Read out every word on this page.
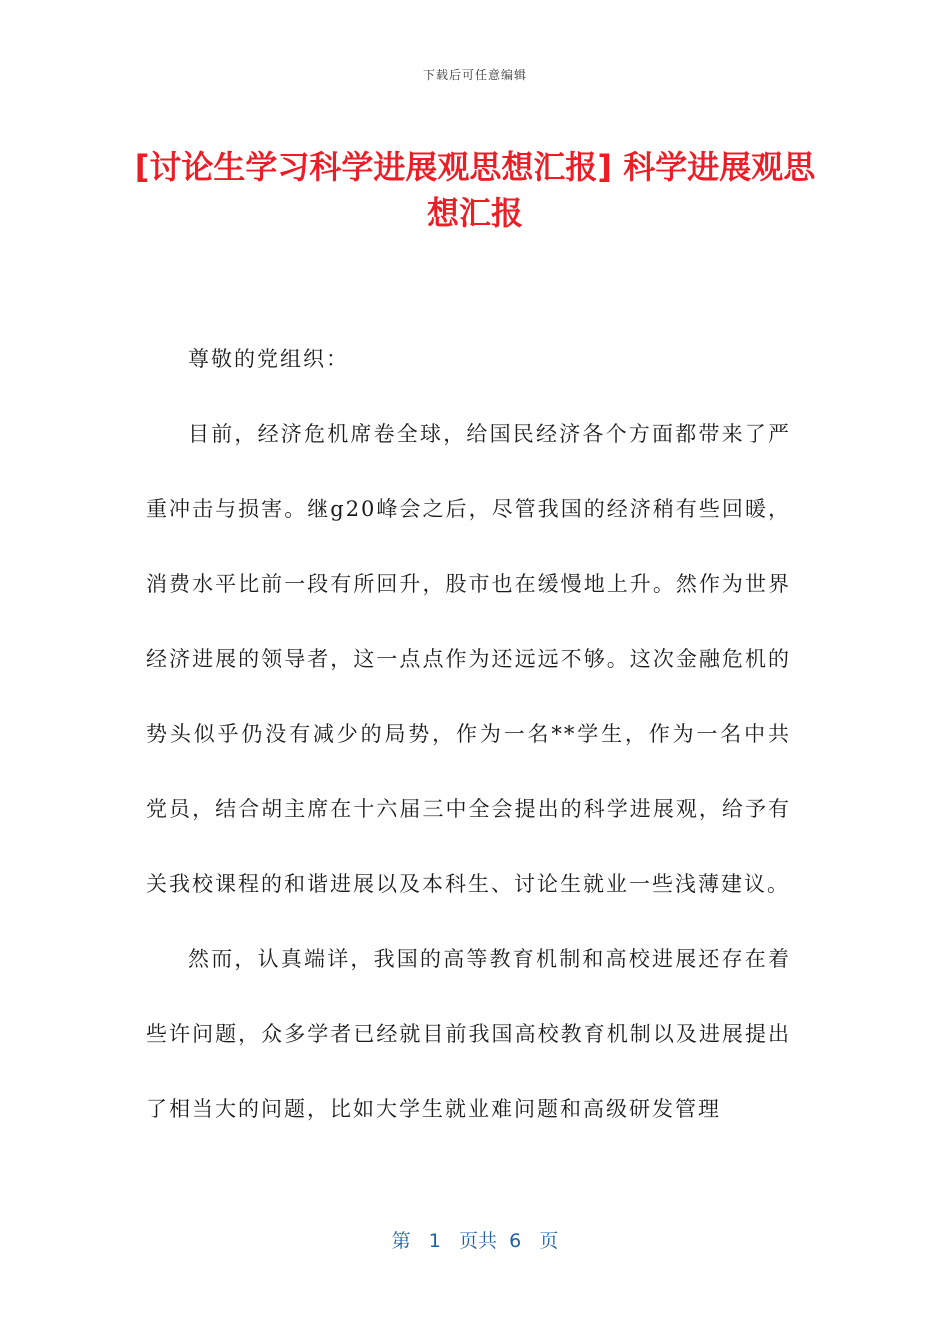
下载后可任意编辑
[讨论生学习科学进展观思想汇报] 科学进展观思想汇报

尊敬的党组织：

目前，经济危机席卷全球，给国民经济各个方面都带来了严重冲击与损害。继g20峰会之后，尽管我国的经济稍有些回暖，消费水平比前一段有所回升，股市也在缓慢地上升。然作为世界经济进展的领导者，这一点点作为还远远不够。这次金融危机的势头似乎仍没有减少的局势，作为一名**学生，作为一名中共党员，结合胡主席在十六届三中全会提出的科学进展观，给予有关我校课程的和谐进展以及本科生、讨论生就业一些浅薄建议。

然而，认真端详，我国的高等教育机制和高校进展还存在着些许问题，众多学者已经就目前我国高校教育机制以及进展提出了相当大的问题，比如大学生就业难问题和高级研发管理

第 1 页共 6 页
